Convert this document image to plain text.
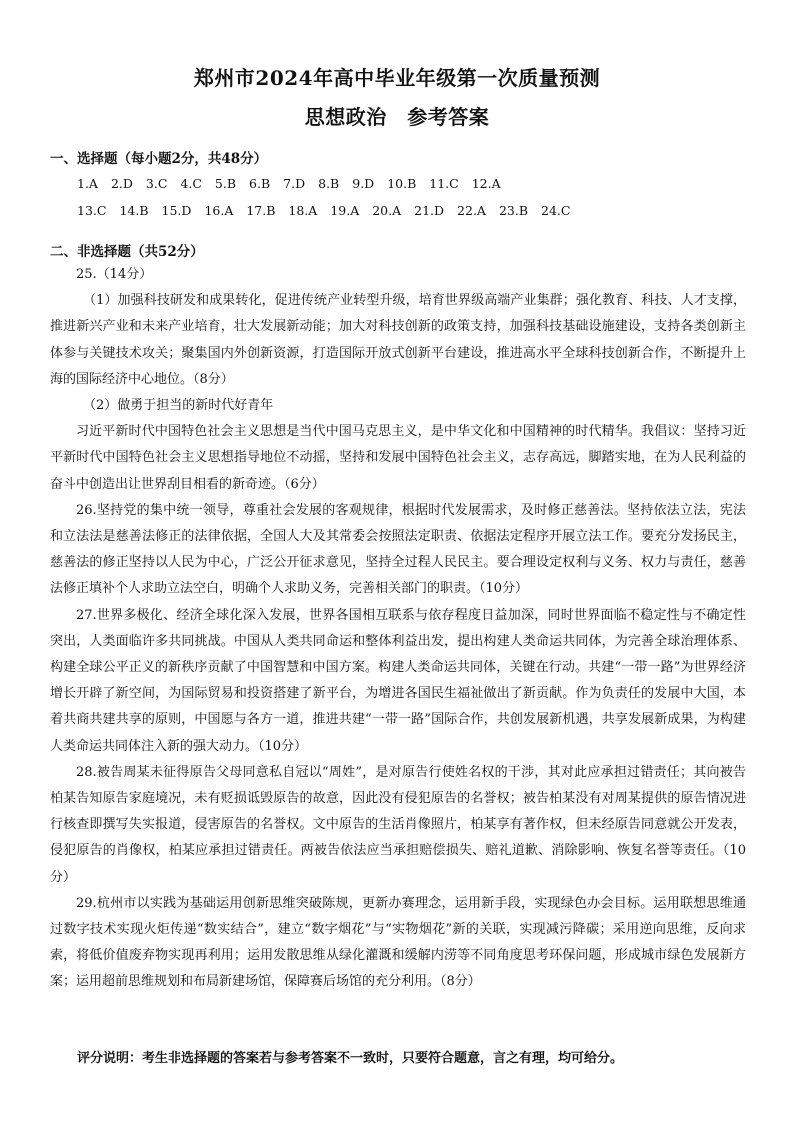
郑州市2024年高中毕业年级第一次质量预测
思想政治　参考答案
一、选择题（每小题2分，共48分）
1.A 2.D 3.C 4.C 5.B 6.B 7.D 8.B 9.D 10.B 11.C 12.A
13.C 14.B 15.D 16.A 17.B 18.A 19.A 20.A 21.D 22.A 23.B 24.C
二、非选择题（共52分）

25.（14分）

（1）加强科技研发和成果转化，促进传统产业转型升级，培育世界级高端产业集群；强化教育、科技、人才支撑，推进新兴产业和未来产业培育，壮大发展新动能；加大对科技创新的政策支持，加强科技基础设施建设，支持各类创新主体参与关键技术攻关；聚集国内外创新资源，打造国际开放式创新平台建设，推进高水平全球科技创新合作，不断提升上海的国际经济中心地位。（8分）

（2）做勇于担当的新时代好青年

习近平新时代中国特色社会主义思想是当代中国马克思主义，是中华文化和中国精神的时代精华。我倡议：坚持习近平新时代中国特色社会主义思想指导地位不动摇，坚持和发展中国特色社会主义，志存高远，脚踏实地，在为人民利益的奋斗中创造出让世界刮目相看的新奇迹。（6分）

26.坚持党的集中统一领导，尊重社会发展的客观规律，根据时代发展需求，及时修正慈善法。坚持依法立法，宪法和立法法是慈善法修正的法律依据，全国人大及其常委会按照法定职责、依据法定程序开展立法工作。要充分发扬民主，慈善法的修正坚持以人民为中心，广泛公开征求意见，坚持全过程人民民主。要合理设定权利与义务、权力与责任，慈善法修正填补个人求助立法空白，明确个人求助义务，完善相关部门的职责。（10分）

27.世界多极化、经济全球化深入发展，世界各国相互联系与依存程度日益加深，同时世界面临不稳定性与不确定性突出，人类面临许多共同挑战。中国从人类共同命运和整体利益出发，提出构建人类命运共同体，为完善全球治理体系、构建全球公平正义的新秩序贡献了中国智慧和中国方案。构建人类命运共同体，关键在行动。共建“一带一路”为世界经济增长开辟了新空间，为国际贸易和投资搭建了新平台，为增进各国民生福祉做出了新贡献。作为负责任的发展中大国，本着共商共建共享的原则，中国愿与各方一道，推进共建“一带一路”国际合作，共创发展新机遇，共享发展新成果，为构建人类命运共同体注入新的强大动力。（10分）

28.被告周某未征得原告父母同意私自冠以“周姓”，是对原告行使姓名权的干涉，其对此应承担过错责任；其向被告柏某告知原告家庭境况，未有贬损诋毁原告的故意，因此没有侵犯原告的名誉权；被告柏某没有对周某提供的原告情况进行核查即撰写失实报道，侵害原告的名誉权。文中原告的生活肖像照片，柏某享有著作权，但未经原告同意就公开发表，侵犯原告的肖像权，柏某应承担过错责任。两被告依法应当承担赔偿损失、赔礼道歉、消除影响、恢复名誉等责任。（10分）

29.杭州市以实践为基础运用创新思维突破陈规，更新办赛理念，运用新手段，实现绿色办会目标。运用联想思维通过数字技术实现火炬传递“数实结合”，建立“数字烟花”与“实物烟花”新的关联，实现减污降碳；采用逆向思维，反向求索，将低价值废弃物实现再利用；运用发散思维从绿化灌溉和缓解内涝等不同角度思考环保问题，形成城市绿色发展新方案；运用超前思维规划和布局新建场馆，保障赛后场馆的充分利用。（8分）

评分说明：考生非选择题的答案若与参考答案不一致时，只要符合题意，言之有理，均可给分。
